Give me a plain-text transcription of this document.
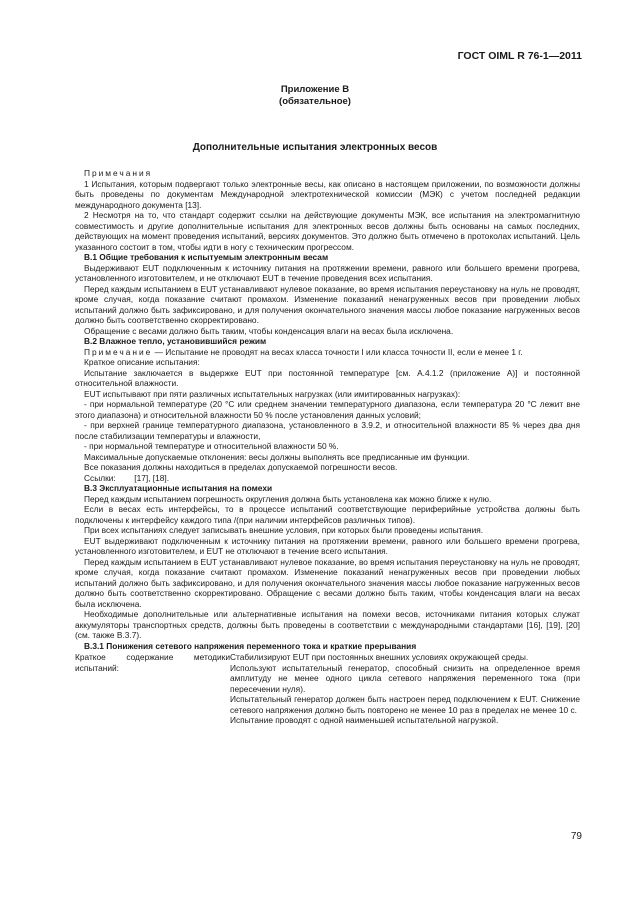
ГОСТ OIML R 76-1—2011
Приложение В
(обязательное)
Дополнительные испытания электронных весов

Примечания

1 Испытания, которым подвергают только электронные весы, как описано в настоящем приложении, по возможности должны быть проведены по документам Международной электротехнической комиссии (МЭК) с учетом последней редакции международного документа [13].

2 Несмотря на то, что стандарт содержит ссылки на действующие документы МЭК, все испытания на электромагнитную совместимость и другие дополнительные испытания для электронных весов должны быть основаны на самых последних, действующих на момент проведения испытаний, версиях документов. Это должно быть отмечено в протоколах испытаний. Цель указанного состоит в том, чтобы идти в ногу с техническим прогрессом.

В.1 Общие требования к испытуемым электронным весам

Выдерживают EUT подключенным к источнику питания на протяжении времени, равного или большего времени прогрева, установленного изготовителем, и не отключают EUT в течение проведения всех испытания.

Перед каждым испытанием в EUT устанавливают нулевое показание, во время испытания переустановку на нуль не проводят, кроме случая, когда показание считают промахом. Изменение показаний ненагруженных весов при проведении любых испытаний должно быть зафиксировано, и для получения окончательного значения массы любое показание нагруженных весов должно быть соответственно скорректировано.

Обращение с весами должно быть таким, чтобы конденсация влаги на весах была исключена.

В.2 Влажное тепло, установившийся режим

Примечание — Испытание не проводят на весах класса точности I или класса точности II, если e менее 1 г.

Краткое описание испытания:

Испытание заключается в выдержке EUT при постоянной температуре [см. А.4.1.2 (приложение А)] и постоянной относительной влажности.

EUT испытывают при пяти различных испытательных нагрузках (или имитированных нагрузках):

- при нормальной температуре (20 °С или среднем значении температурного диапазона, если температура 20 °С лежит вне этого диапазона) и относительной влажности 50 % после установления данных условий;

- при верхней границе температурного диапазона, установленного в 3.9.2, и относительной влажности 85 % через два дня после стабилизации температуры и влажности,

- при нормальной температуре и относительной влажности 50 %.

Максимальные допускаемые отклонения: весы должны выполнять все предписанные им функции.

Все показания должны находиться в пределах допускаемой погрешности весов.

Ссылки: [17], [18].

В.3 Эксплуатационные испытания на помехи

Перед каждым испытанием погрешность округления должна быть установлена как можно ближе к нулю.

Если в весах есть интерфейсы, то в процессе испытаний соответствующие периферийные устройства должны быть подключены к интерфейсу каждого типа /(при наличии интерфейсов различных типов).

При всех испытаниях следует записывать внешние условия, при которых были проведены испытания.

EUT выдерживают подключенным к источнику питания на протяжении времени, равного или большего времени прогрева, установленного изготовителем, и EUT не отключают в течение всего испытания.

Перед каждым испытанием в EUT устанавливают нулевое показание, во время испытания переустановку на нуль не проводят, кроме случая, когда показание считают промахом. Изменение показаний ненагруженных весов при проведении любых испытаний должно быть зафиксировано, и для получения окончательного значения массы любое показание нагруженных весов должно быть соответственно скорректировано. Обращение с весами должно быть таким, чтобы конденсация влаги на весах была исключена.

Необходимые дополнительные или альтернативные испытания на помехи весов, источниками питания которых служат аккумуляторы транспортных средств, должны быть проведены в соответствии с международными стандартами [16], [19], [20] (см. также В.3.7).

В.3.1 Понижения сетевого напряжения переменного тока и краткие прерывания

Краткое содержание методики испытаний:

Стабилизируют EUT при постоянных внешних условиях окружающей среды.

Используют испытательный генератор, способный снизить на определенное время амплитуду не менее одного цикла сетевого напряжения переменного тока (при пересечении нуля).

Испытательный генератор должен быть настроен перед подключением к EUT. Снижение сетевого напряжения должно быть повторено не менее 10 раз в пределах не менее 10 с.

Испытание проводят с одной наименьшей испытательной нагрузкой.

79
